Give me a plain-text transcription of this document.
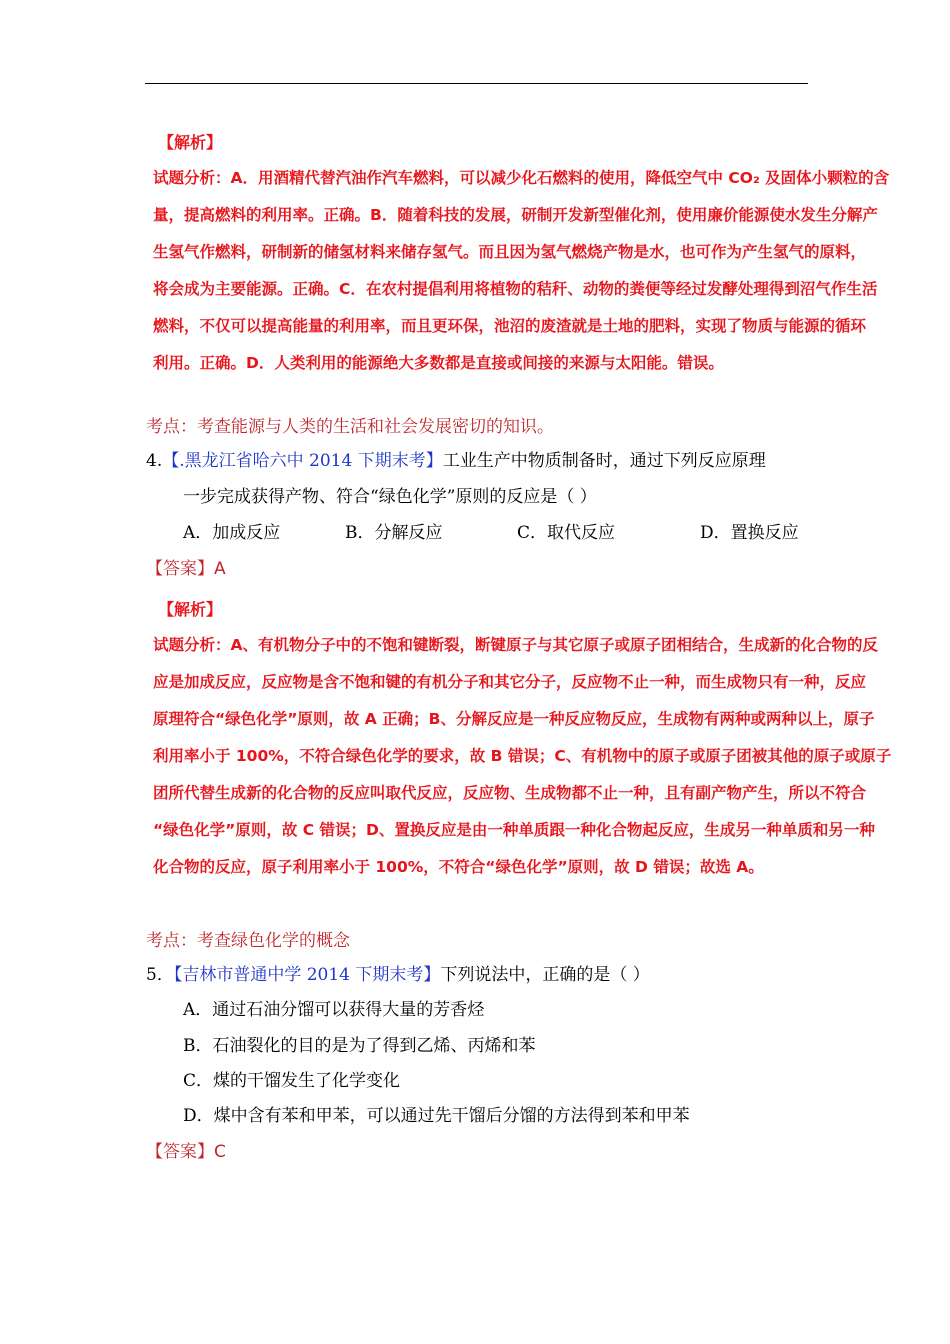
【解析】
试题分析：A．用酒精代替汽油作汽车燃料，可以减少化石燃料的使用，降低空气中 CO₂ 及固体小颗粒的含
量，提高燃料的利用率。正确。B．随着科技的发展，研制开发新型催化剂，使用廉价能源使水发生分解产
生氢气作燃料，研制新的储氢材料来储存氢气。而且因为氢气燃烧产物是水，也可作为产生氢气的原料，
将会成为主要能源。正确。C．在农村提倡利用将植物的秸秆、动物的粪便等经过发酵处理得到沼气作生活
燃料，不仅可以提高能量的利用率，而且更环保，池沼的废渣就是土地的肥料，实现了物质与能源的循环
利用。正确。D．人类利用的能源绝大多数都是直接或间接的来源与太阳能。错误。
考点：考查能源与人类的生活和社会发展密切的知识。
4.【.黑龙江省哈六中 2014 下期末考】工业生产中物质制备时，通过下列反应原理
一步完成获得产物、符合“绿色化学”原则的反应是（ ）
A．加成反应	B．分解反应	C．取代反应	D．置换反应
【答案】A
【解析】
试题分析：A、有机物分子中的不饱和键断裂，断键原子与其它原子或原子团相结合，生成新的化合物的反
应是加成反应，反应物是含不饱和键的有机分子和其它分子，反应物不止一种，而生成物只有一种，反应
原理符合“绿色化学”原则，故 A 正确；B、分解反应是一种反应物反应，生成物有两种或两种以上，原子
利用率小于 100%，不符合绿色化学的要求，故 B 错误；C、有机物中的原子或原子团被其他的原子或原子
团所代替生成新的化合物的反应叫取代反应，反应物、生成物都不止一种，且有副产物产生，所以不符合
“绿色化学”原则，故 C 错误；D、置换反应是由一种单质跟一种化合物起反应，生成另一种单质和另一种
化合物的反应，原子利用率小于 100%，不符合“绿色化学”原则，故 D 错误；故选 A。
考点：考查绿色化学的概念
5．【吉林市普通中学 2014 下期末考】下列说法中，正确的是（ ）
A．通过石油分馏可以获得大量的芳香烃
B．石油裂化的目的是为了得到乙烯、丙烯和苯
C．煤的干馏发生了化学变化
D．煤中含有苯和甲苯，可以通过先干馏后分馏的方法得到苯和甲苯
【答案】C
